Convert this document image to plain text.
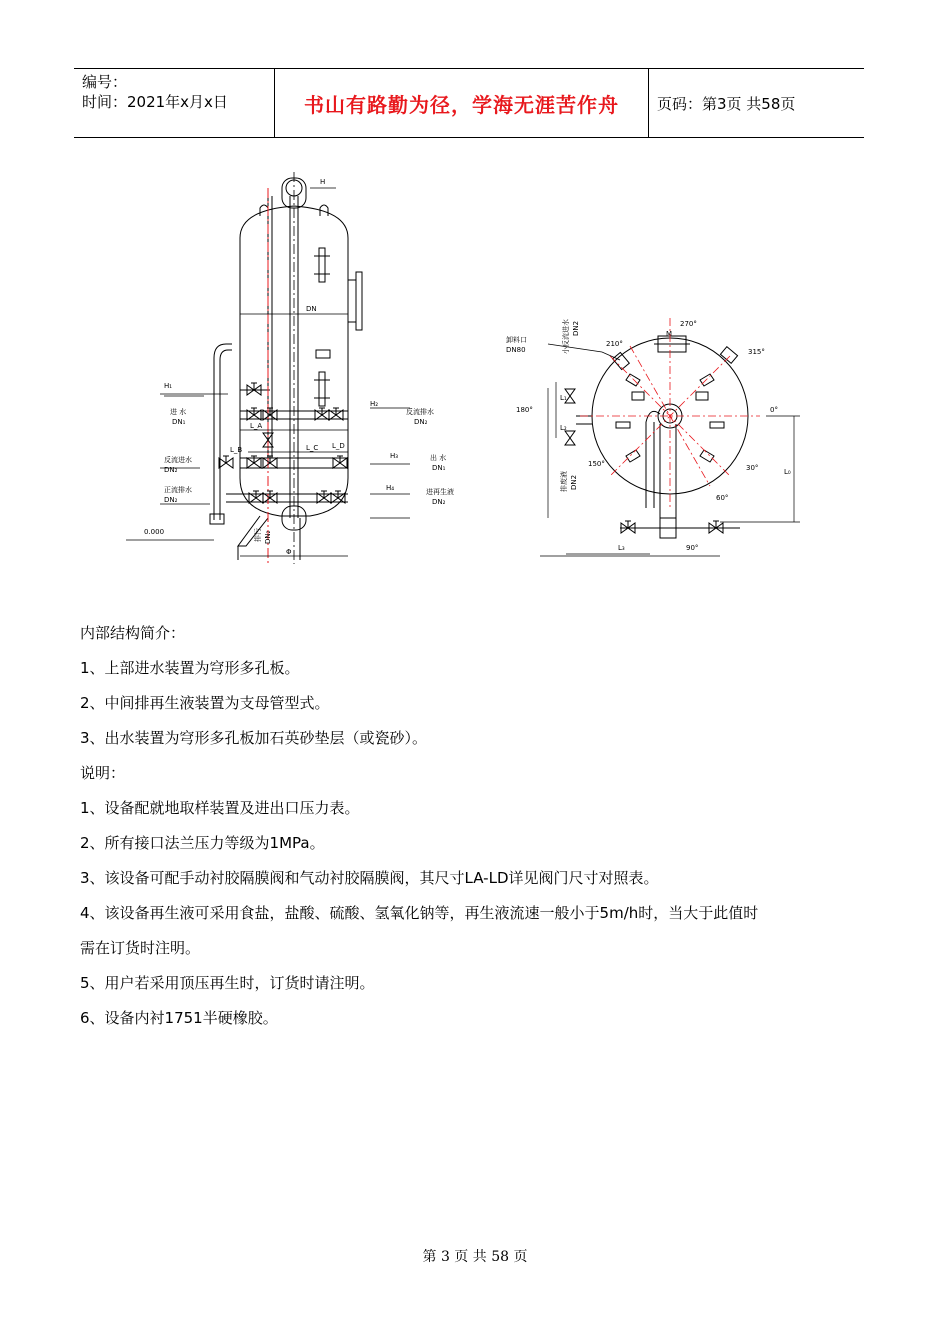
编号：
时间：2021年x月x日	书山有路勤为径，学海无涯苦作舟	页码：第3页 共58页
DN
H
H₁
H₂
H₃
H₄
进 水
DN₁
反流排水
DN₂
反流进水
DN₂
出 水
DN₁
正流排水
DN₂
进再生液
DN₂
0.000
Φ
L_A
L_B	L_C L_D
排污 DN₂
270°
210°
315°
180°	0°
150°	30°
60°
90°
M
卸料口
DN80	小反流进水 DN2
排废液 DN2
L₁
L₂
L₃
L₀
内部结构简介：
1、上部进水装置为穹形多孔板。
2、中间排再生液装置为支母管型式。
3、出水装置为穹形多孔板加石英砂垫层（或瓷砂）。
说明：
1、设备配就地取样装置及进出口压力表。
2、所有接口法兰压力等级为1MPa。
3、该设备可配手动衬胶隔膜阀和气动衬胶隔膜阀，其尺寸LA-LD详见阀门尺寸对照表。
4、该设备再生液可采用食盐，盐酸、硫酸、氢氧化钠等，再生液流速一般小于5m/h时，当大于此值时
需在订货时注明。
5、用户若采用顶压再生时，订货时请注明。
6、设备内衬1751半硬橡胶。
第 3 页 共 58 页
